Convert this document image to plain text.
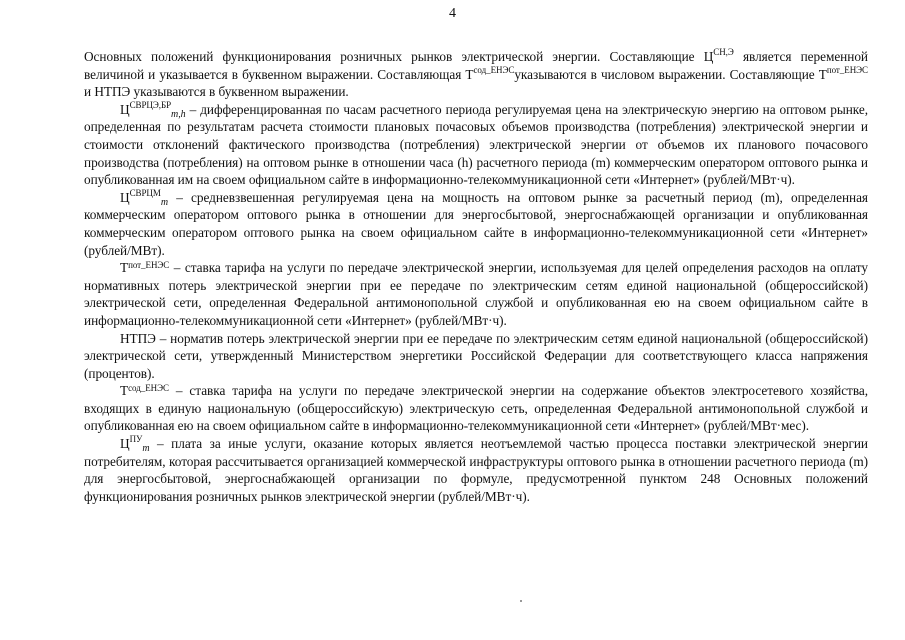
4

Основных положений функционирования розничных рынков электрической энергии. Составляющие $Ц^{СН,Э}$ является переменной величиной и указывается в буквенном выражении. Составляющая $Т^{сод\_ЕНЭС}указываются$ в числовом выражении. Составляющие $Т^{пот\_ЕНЭС}$ и НТПЭ указываются в буквенном выражении.

$Ц^{СВРЦЭ,БР}_{m,h}$ – дифференцированная по часам расчетного периода регулируемая цена на электрическую энергию на оптовом рынке, определенная по результатам расчета стоимости плановых почасовых объемов производства (потребления) электрической энергии и стоимости отклонений фактического производства (потребления) электрической энергии от объемов их планового почасового производства (потребления) на оптовом рынке в отношении часа (h) расчетного периода (m) коммерческим оператором оптового рынка и опубликованная им на своем официальном сайте в информационно-телекоммуникационной сети «Интернет» (рублей/МВт·ч).

$Ц^{СВРЦМ}_m$ – средневзвешенная регулируемая цена на мощность на оптовом рынке за расчетный период (m), определенная коммерческим оператором оптового рынка в отношении для энергосбытовой, энергоснабжающей организации и опубликованная коммерческим оператором оптового рынка на своем официальном сайте в информационно-телекоммуникационной сети «Интернет» (рублей/МВт).

$Т^{пот\_ЕНЭС}$ – ставка тарифа на услуги по передаче электрической энергии, используемая для целей определения расходов на оплату нормативных потерь электрической энергии при ее передаче по электрическим сетям единой национальной (общероссийской) электрической сети, определенная Федеральной антимонопольной службой и опубликованная ею на своем официальном сайте в информационно-телекоммуникационной сети «Интернет» (рублей/МВт·ч).

НТПЭ – норматив потерь электрической энергии при ее передаче по электрическим сетям единой национальной (общероссийской) электрической сети, утвержденный Министерством энергетики Российской Федерации для соответствующего класса напряжения (процентов).

$Т^{сод\_ЕНЭС}$ – ставка тарифа на услуги по передаче электрической энергии на содержание объектов электросетевого хозяйства, входящих в единую национальную (общероссийскую) электрическую сеть, определенная Федеральной антимонопольной службой и опубликованная ею на своем официальном сайте в информационно-телекоммуникационной сети «Интернет» (рублей/МВт·мес).

$Ц^{ПУ}_m$ – плата за иные услуги, оказание которых является неотъемлемой частью процесса поставки электрической энергии потребителям, которая рассчитывается организацией коммерческой инфраструктуры оптового рынка в отношении расчетного периода (m) для энергосбытовой, энергоснабжающей организации по формуле, предусмотренной пунктом 248 Основных положений функционирования розничных рынков электрической энергии (рублей/МВт·ч).
